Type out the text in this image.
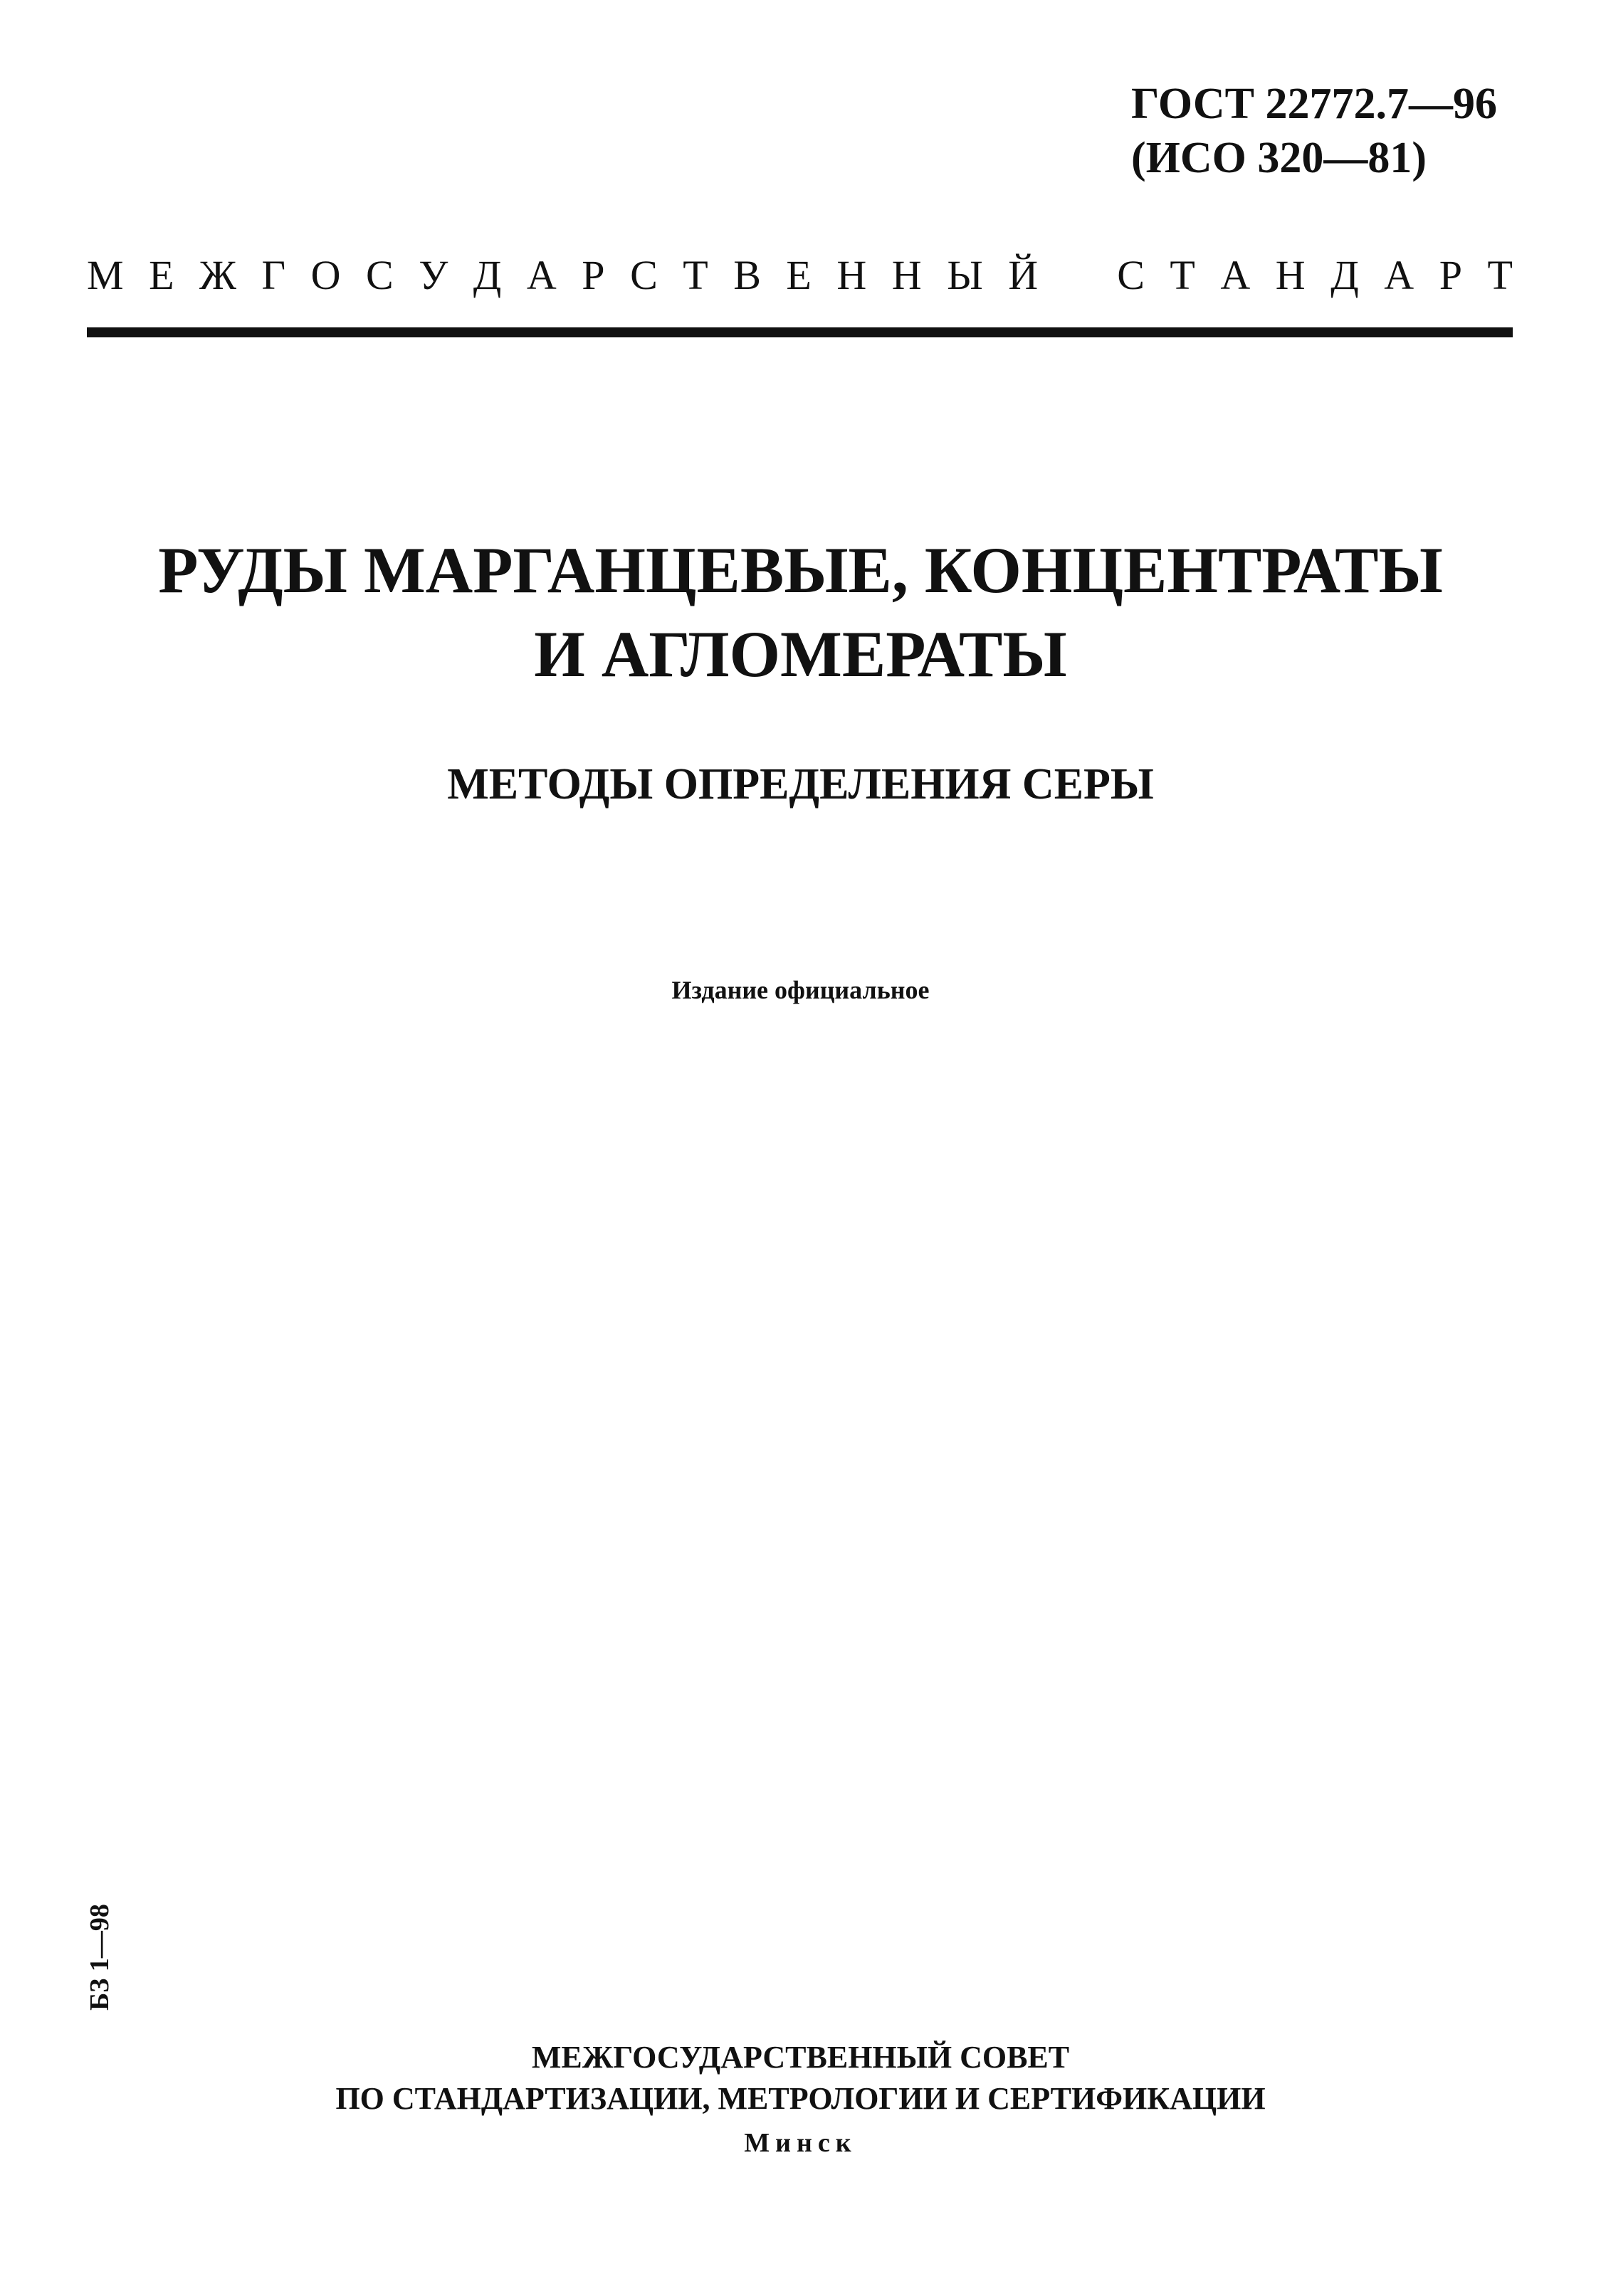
ГОСТ 22772.7—96
(ИСО 320—81)
М Е Ж Г О С У Д А Р С Т В Е Н Н Ы Й С Т А Н Д А Р Т
РУДЫ МАРГАНЦЕВЫЕ, КОНЦЕНТРАТЫ
И АГЛОМЕРАТЫ
МЕТОДЫ ОПРЕДЕЛЕНИЯ СЕРЫ
Издание официальное
БЗ 1—98
МЕЖГОСУДАРСТВЕННЫЙ СОВЕТ
ПО СТАНДАРТИЗАЦИИ, МЕТРОЛОГИИ И СЕРТИФИКАЦИИ
Минск
